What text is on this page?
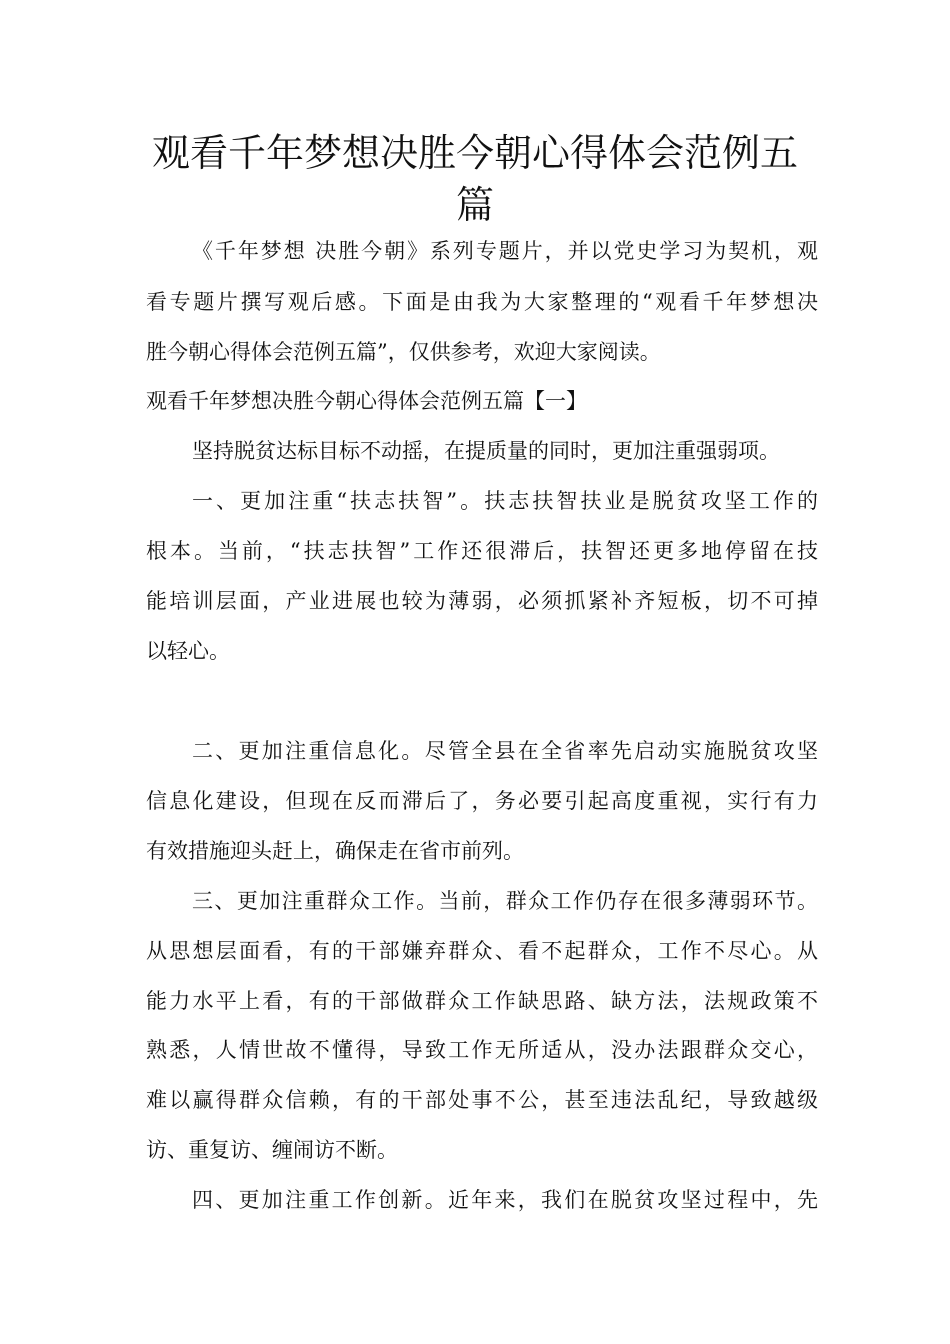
观看千年梦想决胜今朝心得体会范例五
篇
《千年梦想 决胜今朝》系列专题片，并以党史学习为契机，观
看专题片撰写观后感。下面是由我为大家整理的“观看千年梦想决
胜今朝心得体会范例五篇”，仅供参考，欢迎大家阅读。
观看千年梦想决胜今朝心得体会范例五篇【一】
坚持脱贫达标目标不动摇，在提质量的同时，更加注重强弱项。
一、更加注重“扶志扶智”。扶志扶智扶业是脱贫攻坚工作的
根本。当前，“扶志扶智”工作还很滞后，扶智还更多地停留在技
能培训层面，产业进展也较为薄弱，必须抓紧补齐短板，切不可掉
以轻心。
二、更加注重信息化。尽管全县在全省率先启动实施脱贫攻坚
信息化建设，但现在反而滞后了，务必要引起高度重视，实行有力
有效措施迎头赶上，确保走在省市前列。
三、更加注重群众工作。当前，群众工作仍存在很多薄弱环节。
从思想层面看，有的干部嫌弃群众、看不起群众，工作不尽心。从
能力水平上看，有的干部做群众工作缺思路、缺方法，法规政策不
熟悉，人情世故不懂得，导致工作无所适从，没办法跟群众交心，
难以赢得群众信赖，有的干部处事不公，甚至违法乱纪，导致越级
访、重复访、缠闹访不断。
四、更加注重工作创新。近年来，我们在脱贫攻坚过程中，先
